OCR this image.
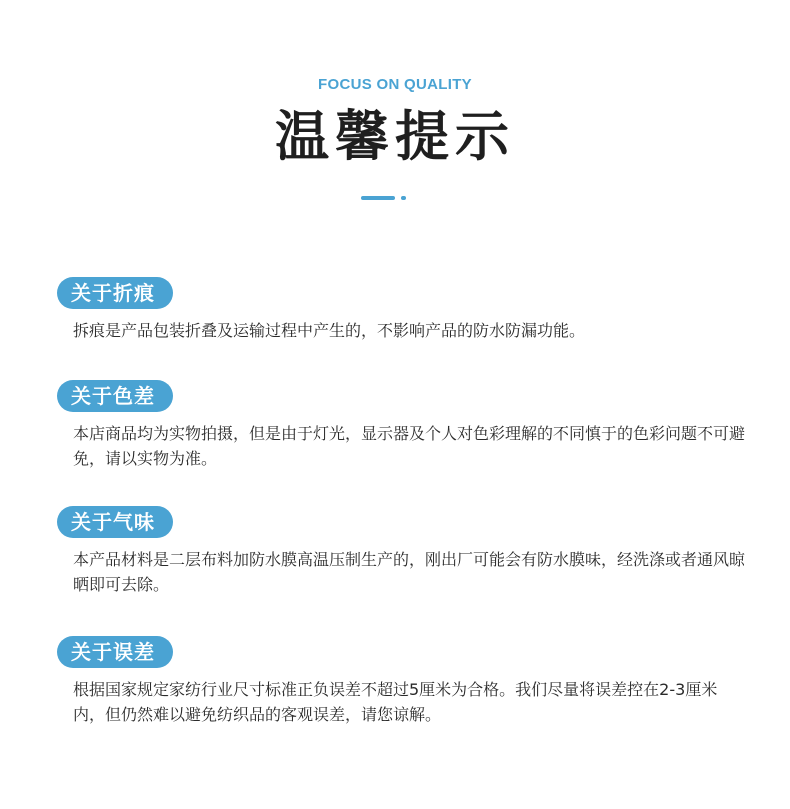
FOCUS ON QUALITY
温馨提示
关于折痕
拆痕是产品包装折叠及运输过程中产生的，不影响产品的防水防漏功能。
关于色差
本店商品均为实物拍摄，但是由于灯光，显示器及个人对色彩理解的不同慎于的色彩问题不可避免，请以实物为准。
关于气味
本产品材料是二层布料加防水膜高温压制生产的，刚出厂可能会有防水膜味，经洗涤或者通风晾晒即可去除。
关于误差
根据国家规定家纺行业尺寸标准正负误差不超过5厘米为合格。我们尽量将误差控在2-3厘米内，但仍然难以避免纺织品的客观误差，请您谅解。
